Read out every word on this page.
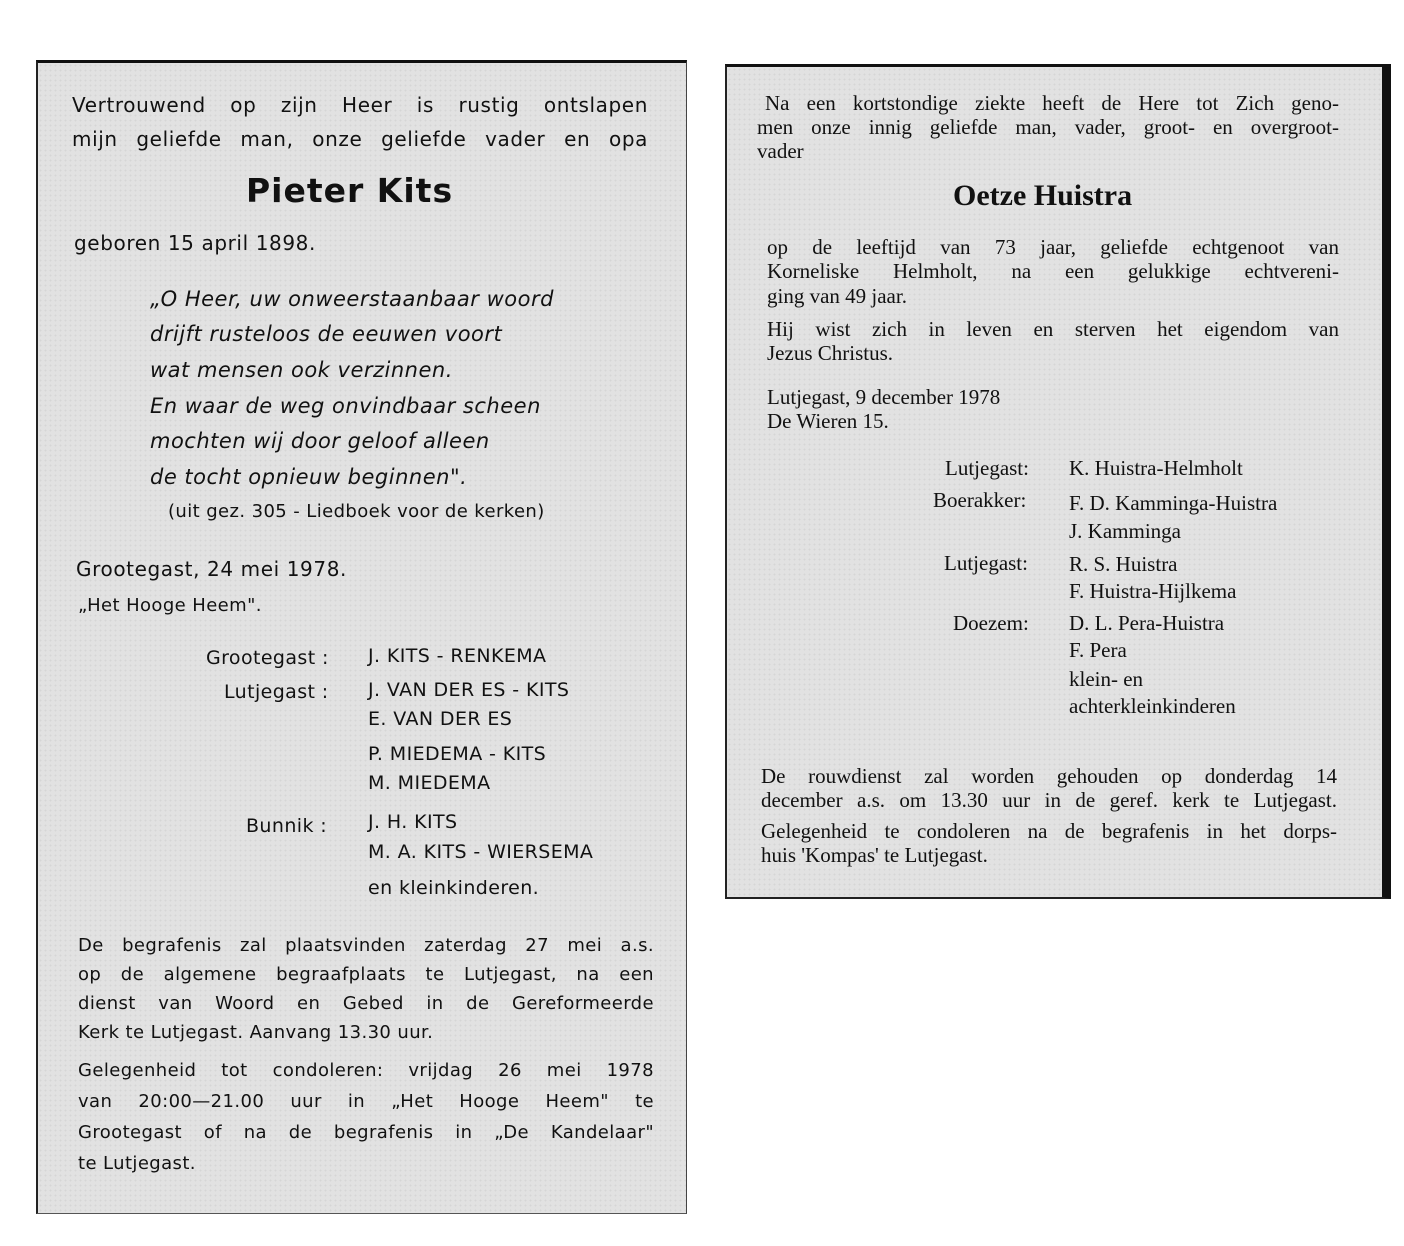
Vertrouwend op zijn Heer is rustig ontslapen
mijn geliefde man, onze geliefde vader en opa
Pieter Kits
geboren 15 april 1898.
„O Heer, uw onweerstaanbaar woord
drijft rusteloos de eeuwen voort
wat mensen ook verzinnen.
En waar de weg onvindbaar scheen
mochten wij door geloof alleen
de tocht opnieuw beginnen".
(uit gez. 305 - Liedboek voor de kerken)
Grootegast, 24 mei 1978.
„Het Hooge Heem".
Grootegast : J. KITS - RENKEMA
Lutjegast : J. VAN DER ES - KITS
E. VAN DER ES
P. MIEDEMA - KITS
M. MIEDEMA
Bunnik : J. H. KITS
M. A. KITS - WIERSEMA
en kleinkinderen.
De begrafenis zal plaatsvinden zaterdag 27 mei a.s.
op de algemene begraafplaats te Lutjegast, na een
dienst van Woord en Gebed in de Gereformeerde
Kerk te Lutjegast. Aanvang 13.30 uur.
Gelegenheid tot condoleren: vrijdag 26 mei 1978
van 20:00—21.00 uur in „Het Hooge Heem" te
Grootegast of na de begrafenis in „De Kandelaar"
te Lutjegast.
Na een kortstondige ziekte heeft de Here tot Zich geno-
men onze innig geliefde man, vader, groot- en overgroot-
vader
Oetze Huistra
op de leeftijd van 73 jaar, geliefde echtgenoot van
Korneliske Helmholt, na een gelukkige echtvereni-
ging van 49 jaar.
Hij wist zich in leven en sterven het eigendom van
Jezus Christus.
Lutjegast, 9 december 1978
De Wieren 15.
Lutjegast: K. Huistra-Helmholt
Boerakker: F. D. Kamminga-Huistra
J. Kamminga
Lutjegast: R. S. Huistra
F. Huistra-Hijlkema
Doezem: D. L. Pera-Huistra
F. Pera
klein- en
achterkleinkinderen
De rouwdienst zal worden gehouden op donderdag 14
december a.s. om 13.30 uur in de geref. kerk te Lutjegast.
Gelegenheid te condoleren na de begrafenis in het dorps-
huis 'Kompas' te Lutjegast.
